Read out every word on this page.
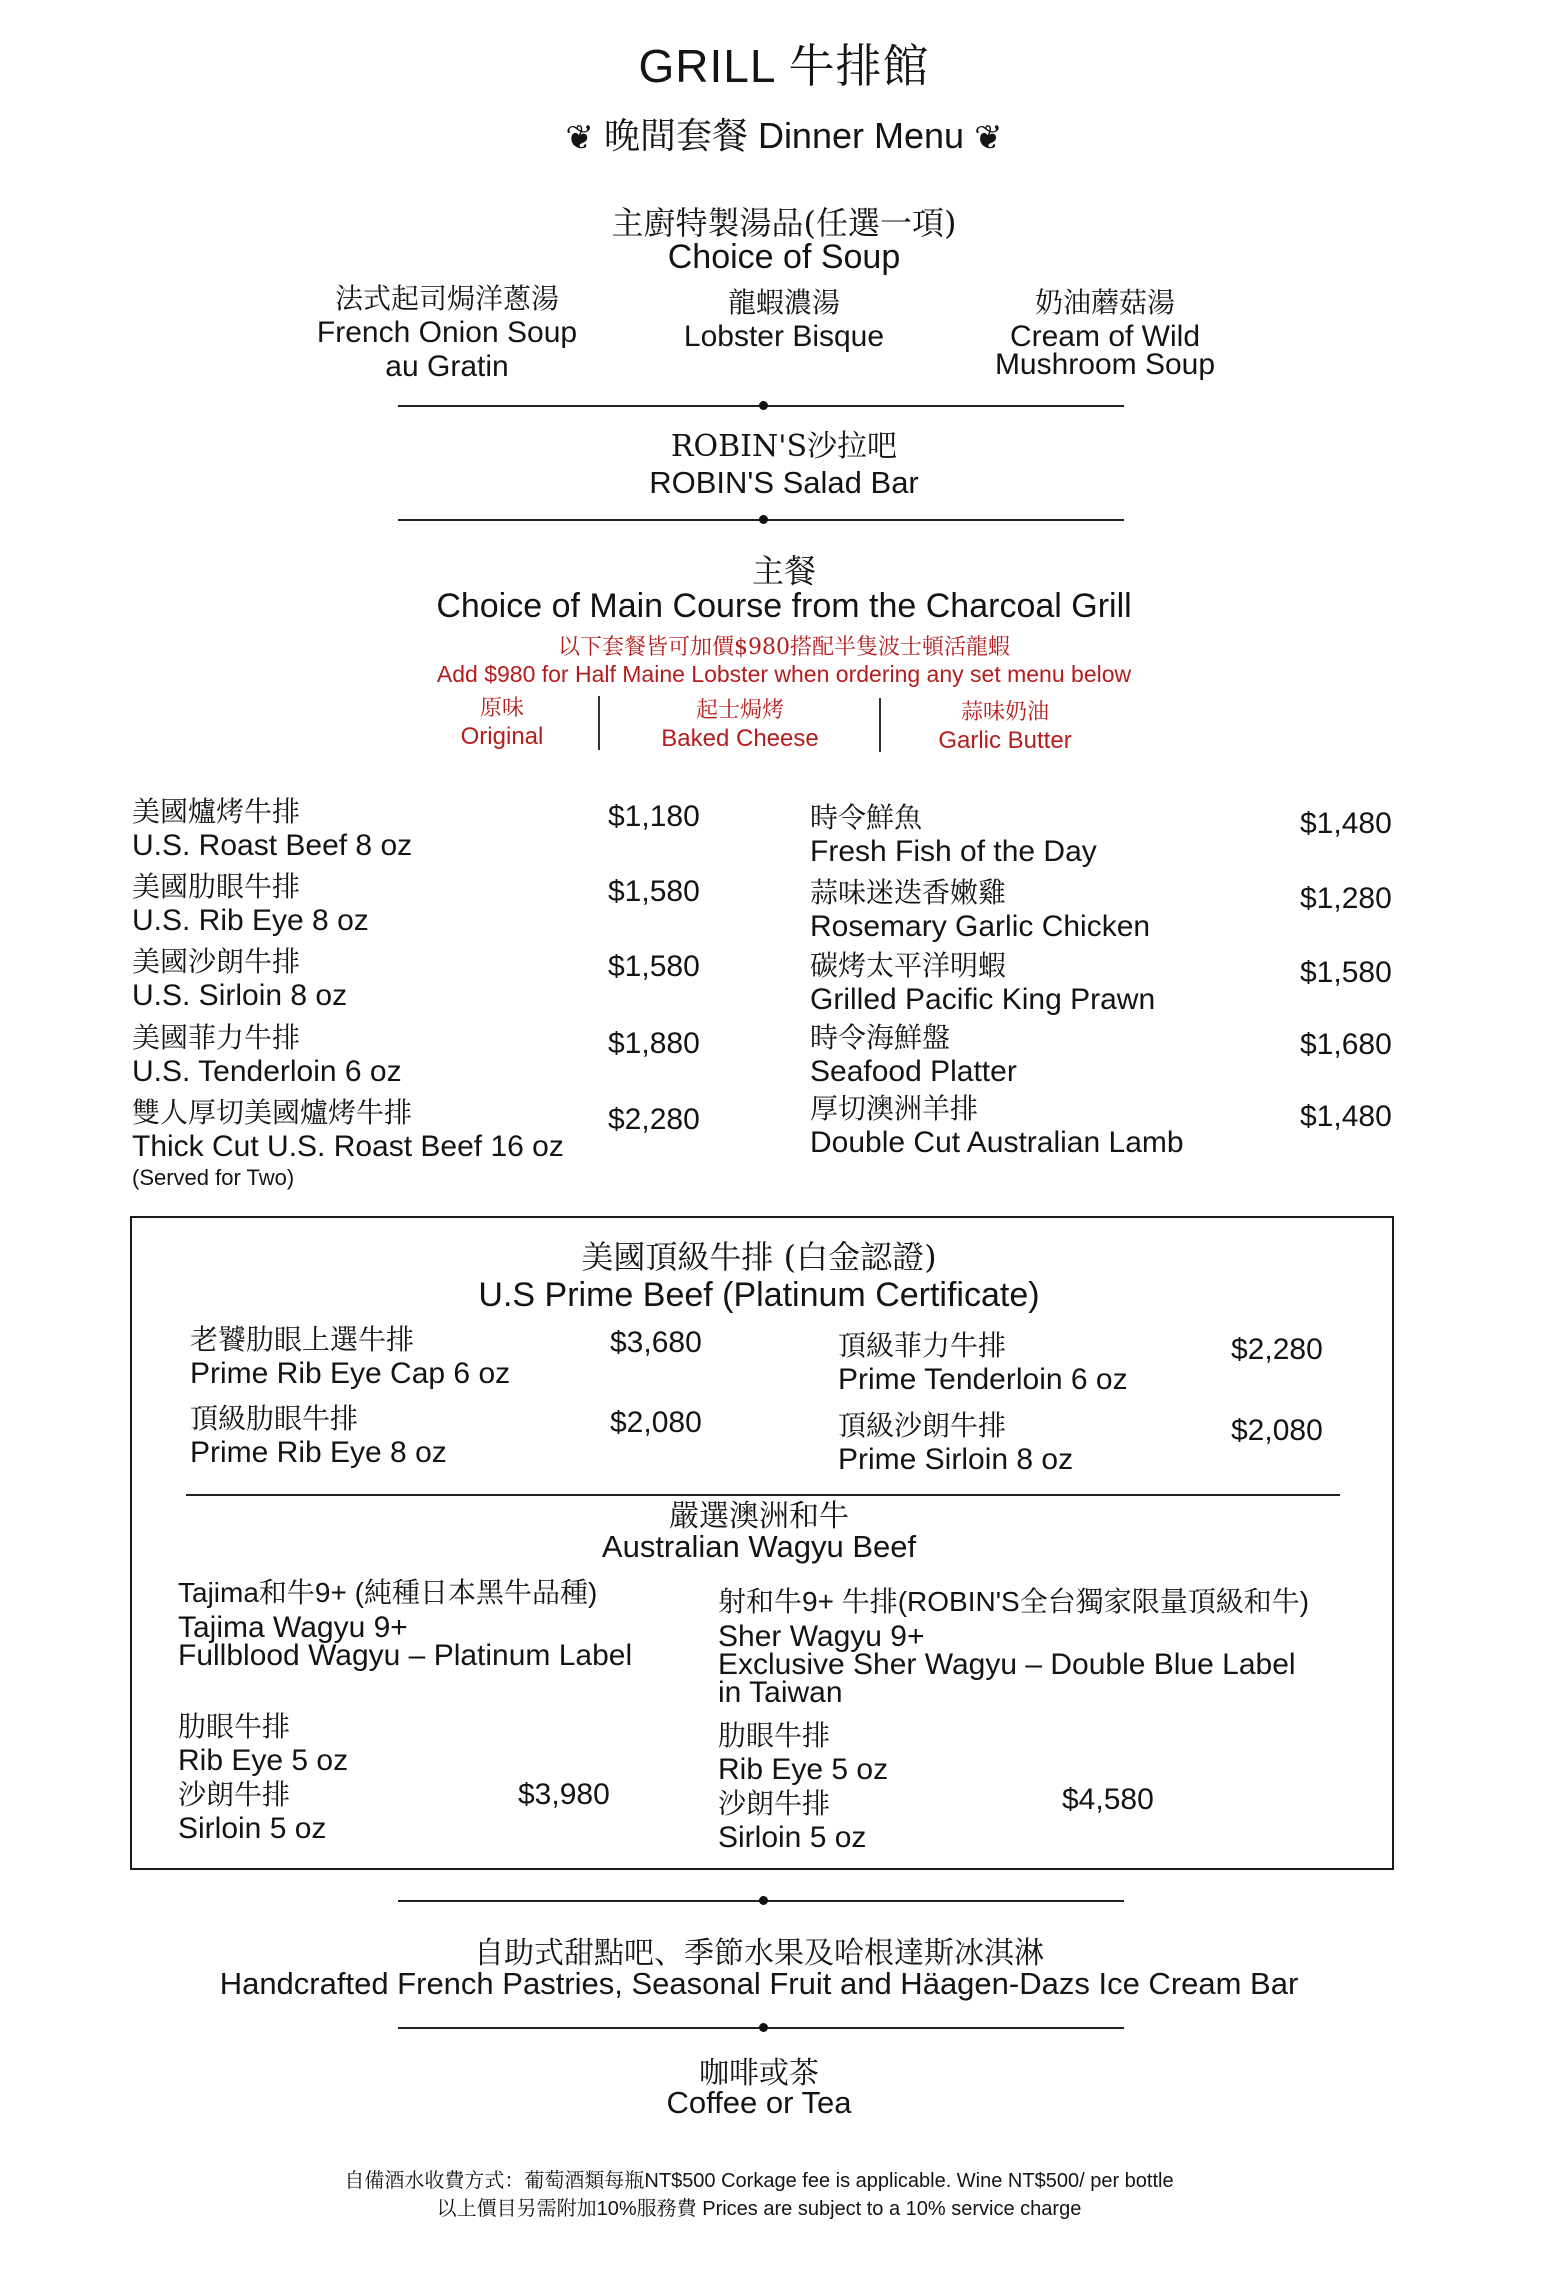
GRILL 牛排館
❦ 晚間套餐 Dinner Menu ❦
主廚特製湯品(任選一項)
Choice of Soup
法式起司焗洋蔥湯
French Onion Soup
au Gratin
龍蝦濃湯
Lobster Bisque
奶油蘑菇湯
Cream of Wild
Mushroom Soup
ROBIN'S沙拉吧
ROBIN'S Salad Bar
主餐
Choice of Main Course from the Charcoal Grill
以下套餐皆可加價$980搭配半隻波士頓活龍蝦
Add $980 for Half Maine Lobster when ordering any set menu below
原味
Original
起士焗烤
Baked Cheese
蒜味奶油
Garlic Butter
美國爐烤牛排
U.S. Roast Beef 8 oz
$1,180
美國肋眼牛排
U.S. Rib Eye 8 oz
$1,580
美國沙朗牛排
U.S. Sirloin 8 oz
$1,580
美國菲力牛排
U.S. Tenderloin 6 oz
$1,880
雙人厚切美國爐烤牛排
Thick Cut U.S. Roast Beef 16 oz
(Served for Two)
$2,280
時令鮮魚
Fresh Fish of the Day
$1,480
蒜味迷迭香嫩雞
Rosemary Garlic Chicken
$1,280
碳烤太平洋明蝦
Grilled Pacific King Prawn
$1,580
時令海鮮盤
Seafood Platter
$1,680
厚切澳洲羊排
Double Cut Australian Lamb
$1,480
美國頂級牛排 (白金認證)
U.S Prime Beef (Platinum Certificate)
老饕肋眼上選牛排
Prime Rib Eye Cap 6 oz
$3,680
頂級肋眼牛排
Prime Rib Eye 8 oz
$2,080
頂級菲力牛排
Prime Tenderloin 6 oz
$2,280
頂級沙朗牛排
Prime Sirloin 8 oz
$2,080
嚴選澳洲和牛
Australian Wagyu Beef
Tajima和牛9+ (純種日本黑牛品種)
Tajima Wagyu 9+
Fullblood Wagyu – Platinum Label
肋眼牛排
Rib Eye 5 oz
沙朗牛排
Sirloin 5 oz
$3,980
射和牛9+ 牛排(ROBIN'S全台獨家限量頂級和牛)
Sher Wagyu 9+
Exclusive Sher Wagyu – Double Blue Label
in Taiwan
肋眼牛排
Rib Eye 5 oz
沙朗牛排
Sirloin 5 oz
$4,580
自助式甜點吧、季節水果及哈根達斯冰淇淋
Handcrafted French Pastries, Seasonal Fruit and Häagen-Dazs Ice Cream Bar
咖啡或茶
Coffee or Tea
自備酒水收費方式：葡萄酒類每瓶NT$500 Corkage fee is applicable. Wine NT$500/ per bottle
以上價目另需附加10%服務費 Prices are subject to a 10% service charge
